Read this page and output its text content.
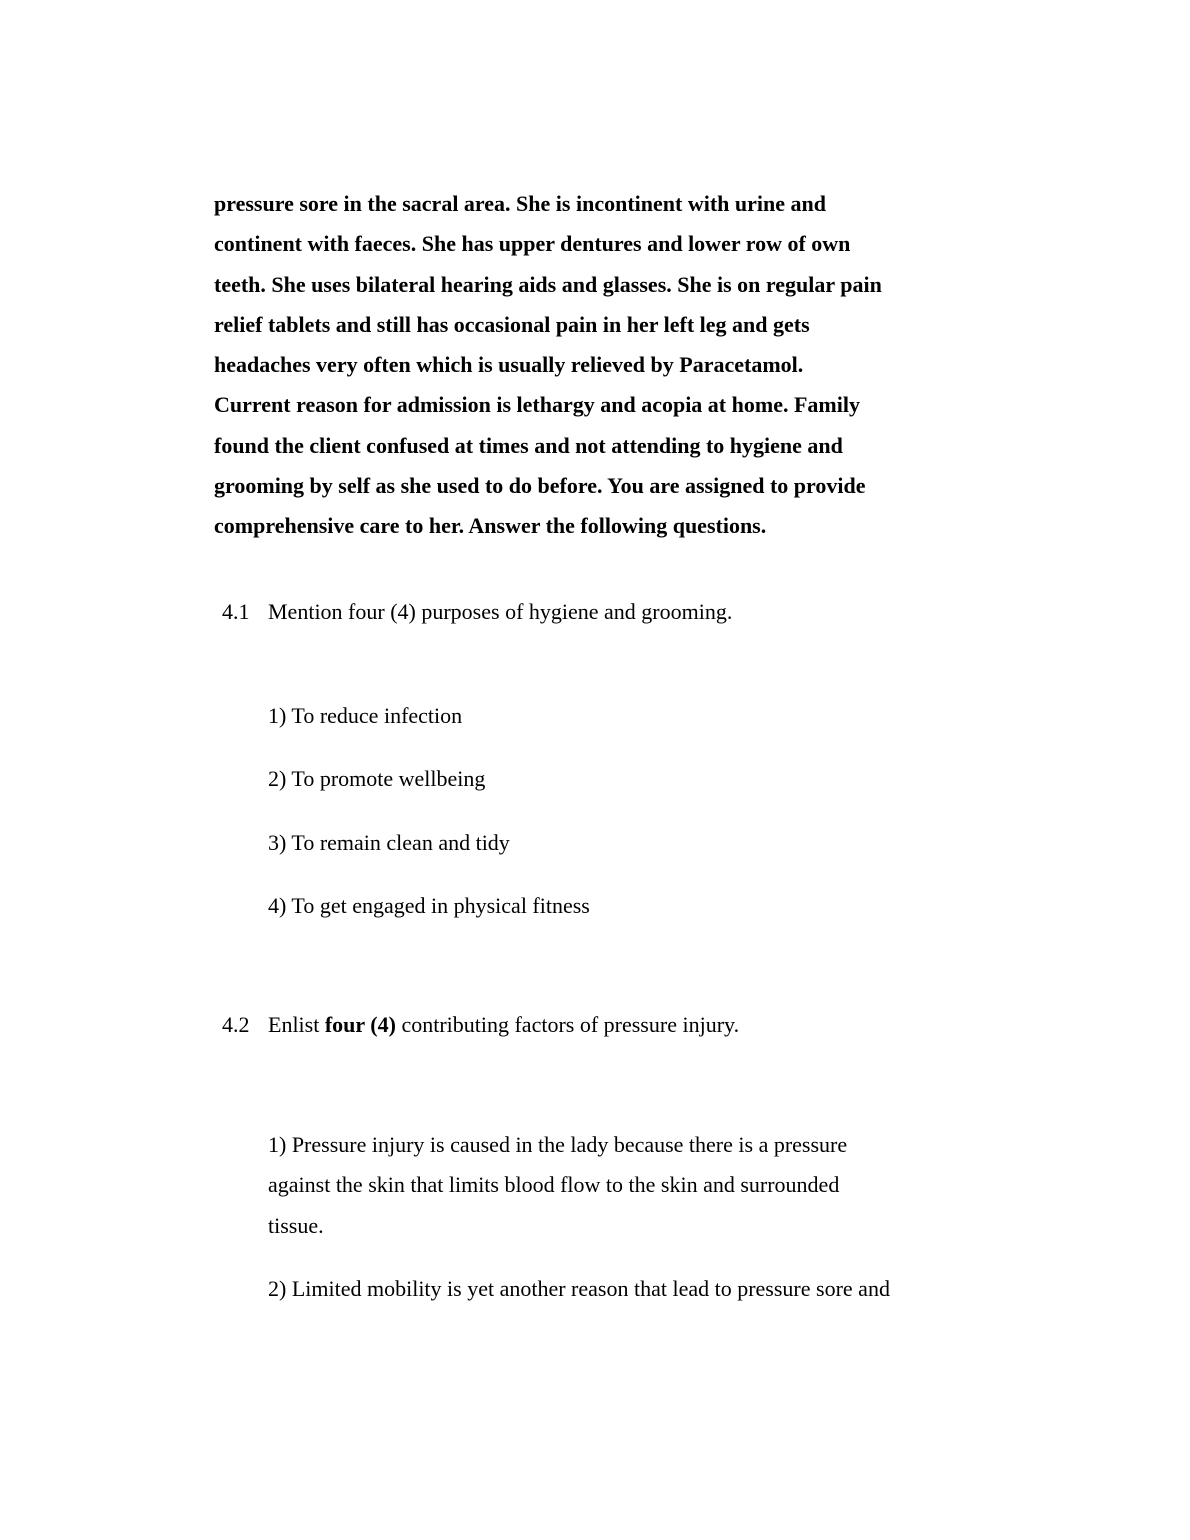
pressure sore in the sacral area. She is incontinent with urine and
continent with faeces. She has upper dentures and lower row of own
teeth. She uses bilateral hearing aids and glasses. She is on regular pain
relief tablets and still has occasional pain in her left leg and gets
headaches very often which is usually relieved by Paracetamol.
Current reason for admission is lethargy and acopia at home. Family
found the client confused at times and not attending to hygiene and
grooming by self as she used to do before. You are assigned to provide
comprehensive care to her. Answer the following questions.
4.1 Mention four (4) purposes of hygiene and grooming.
1) To reduce infection
2) To promote wellbeing
3) To remain clean and tidy
4) To get engaged in physical fitness
4.2 Enlist four (4) contributing factors of pressure injury.
1) Pressure injury is caused in the lady because there is a pressure
against the skin that limits blood flow to the skin and surrounded
tissue.
2) Limited mobility is yet another reason that lead to pressure sore and
